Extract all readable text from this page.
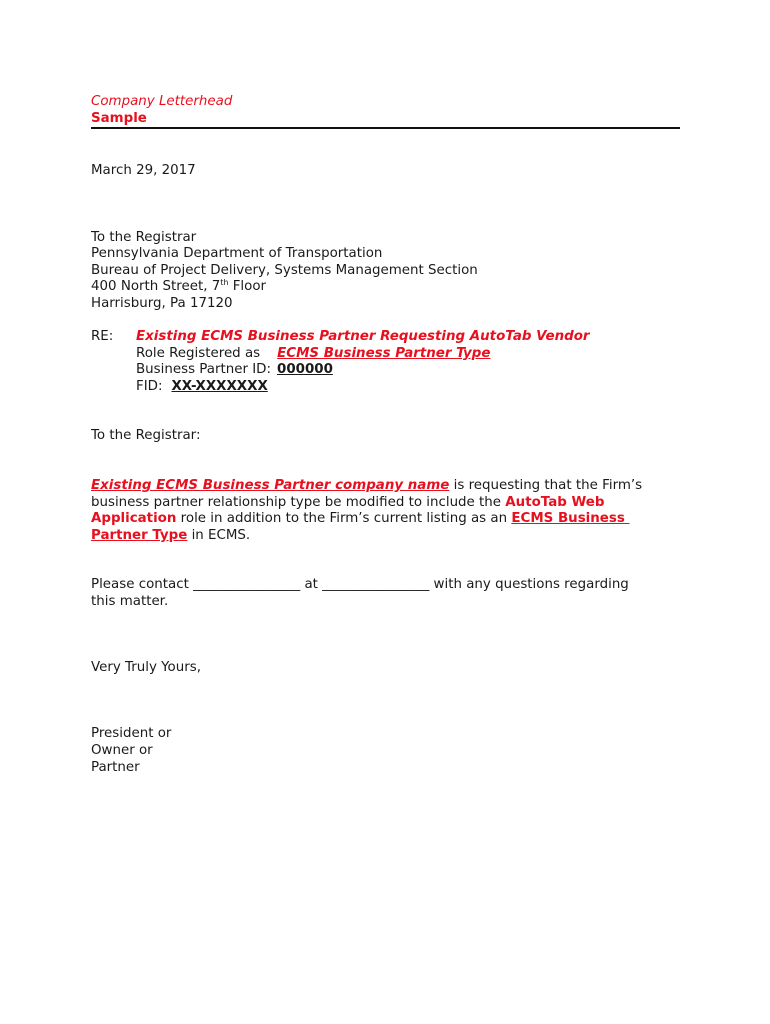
Company Letterhead
Sample
March 29, 2017
To the Registrar
Pennsylvania Department of Transportation
Bureau of Project Delivery, Systems Management Section
400 North Street, 7th Floor
Harrisburg, Pa 17120
RE: Existing ECMS Business Partner Requesting AutoTab Vendor
Role Registered as ECMS Business Partner Type
Business Partner ID: 000000
FID: XX-XXXXXXX
To the Registrar:
Existing ECMS Business Partner company name is requesting that the Firm’s
business partner relationship type be modified to include the AutoTab Web
Application role in addition to the Firm’s current listing as an ECMS Business
Partner Type in ECMS.
Please contact ________________ at ________________ with any questions regarding
this matter.
Very Truly Yours,
President or
Owner or
Partner
